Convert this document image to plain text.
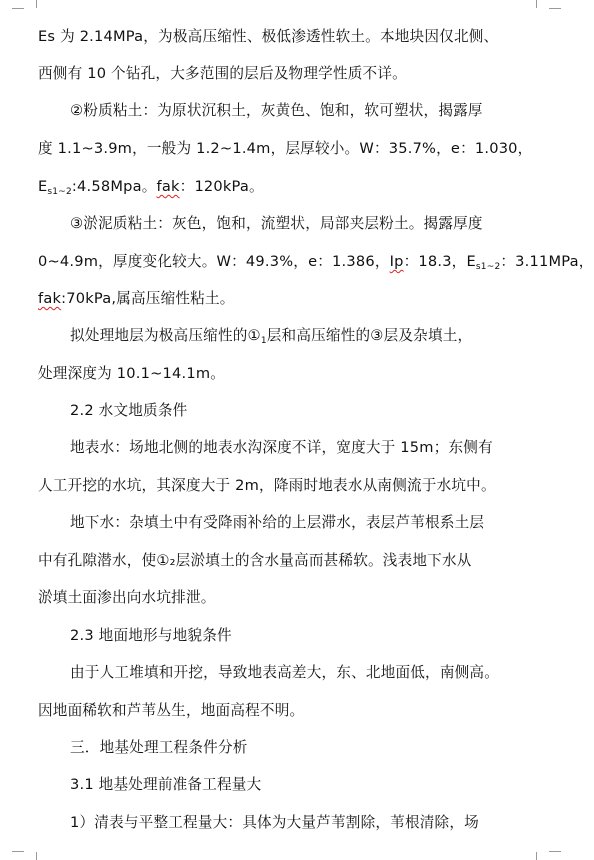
Es 为 2.14MPa，为极高压缩性、极低渗透性软土。本地块因仅北侧、
西侧有 10 个钻孔，大多范围的层后及物理学性质不详。
②粉质粘土：为原状沉积土，灰黄色、饱和，软可塑状，揭露厚
度 1.1~3.9m，一般为 1.2~1.4m，层厚较小。W：35.7%，e：1.030，
$E_{s1\sim 2}:4.58Mpa$。fak：120kPa。
③淤泥质粘土：灰色，饱和，流塑状，局部夹层粉土。揭露厚度
0~4.9m，厚度变化较大。W：49.3%，e：1.386，Ip：18.3，$E_{s1\sim 2}$：3.11MPa，
fak:70kPa,属高压缩性粘土。
拟处理地层为极高压缩性的$①_1$层和高压缩性的③层及杂填土，
处理深度为 10.1~14.1m。
2.2 水文地质条件
地表水：场地北侧的地表水沟深度不详，宽度大于 15m；东侧有
人工开挖的水坑，其深度大于 2m，降雨时地表水从南侧流于水坑中。
地下水：杂填土中有受降雨补给的上层滞水，表层芦苇根系土层
中有孔隙潜水，使①₂层淤填土的含水量高而甚稀软。浅表地下水从
淤填土面渗出向水坑排泄。
2.3 地面地形与地貌条件
由于人工堆填和开挖，导致地表高差大，东、北地面低，南侧高。
因地面稀软和芦苇丛生，地面高程不明。
三．地基处理工程条件分析
3.1 地基处理前准备工程量大
1）清表与平整工程量大：具体为大量芦苇割除，苇根清除，场
